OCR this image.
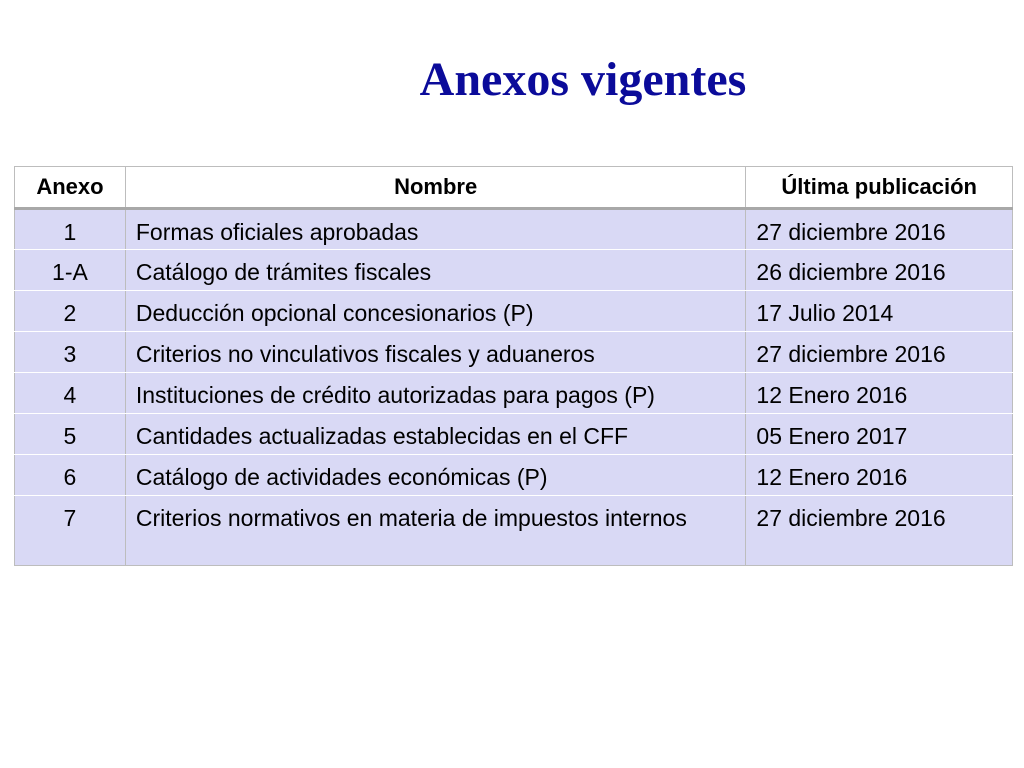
Anexos vigentes
Anexo	Nombre	Última publicación
1	Formas oficiales aprobadas	27 diciembre 2016
1-A	Catálogo de trámites fiscales	26 diciembre 2016
2	Deducción opcional concesionarios (P)	17 Julio 2014
3	Criterios no vinculativos fiscales y aduaneros	27 diciembre 2016
4	Instituciones de crédito autorizadas para pagos (P)	12 Enero 2016
5	Cantidades actualizadas establecidas en el CFF	05 Enero 2017
6	Catálogo de actividades económicas (P)	12 Enero 2016
7	Criterios normativos en materia de impuestos internos	27 diciembre 2016
